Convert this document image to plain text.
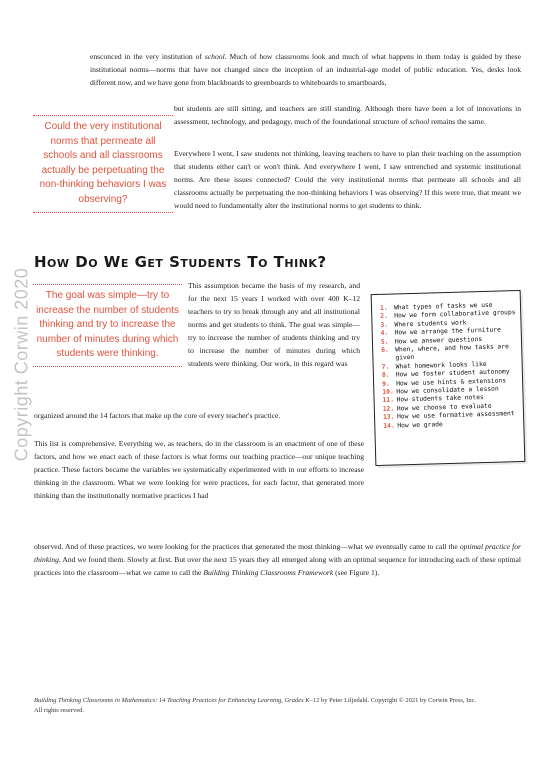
Copyright Corwin 2020
ensconced in the very institution of school. Much of how classrooms look and much of what happens in them today is guided by these institutional norms—norms that have not changed since the inception of an industrial-age model of public education. Yes, desks look different now, and we have gone from blackboards to greenboards to whiteboards to smartboards,
Could the very institutional norms that permeate all schools and all classrooms actually be perpetuating the non-thinking behaviors I was observing?
but students are still sitting, and teachers are still standing. Although there have been a lot of innovations in assessment, technology, and pedagogy, much of the foundational structure of school remains the same.
Everywhere I went, I saw students not thinking, leaving teachers to have to plan their teaching on the assumption that students either can't or won't think. And everywhere I went, I saw entrenched and systemic institutional norms. Are these issues connected? Could the very institutional norms that permeate all schools and all classrooms actually be perpetuating the non-thinking behaviors I was observing? If this were true, that meant we would need to fundamentally alter the institutional norms to get students to think.
How Do We Get Students To Think?
The goal was simple—try to increase the number of students thinking and try to increase the number of minutes during which students were thinking.
This assumption became the basis of my research, and for the next 15 years I worked with over 400 K–12 teachers to try to break through any and all institutional norms and get students to think. The goal was simple—try to increase the number of students thinking and try to increase the number of minutes during which students were thinking. Our work, in this regard was
organized around the 14 factors that make up the core of every teacher's practice.
This list is comprehensive. Everything we, as teachers, do in the classroom is an enactment of one of these factors, and how we enact each of these factors is what forms our teaching practice—our unique teaching practice. These factors became the variables we systematically experimented with in our efforts to increase thinking in the classroom. What we were looking for were practices, for each factor, that generated more thinking than the institutionally normative practices I had
observed. And of these practices, we were looking for the practices that generated the most thinking—what we eventually came to call the optimal practice for thinking. And we found them. Slowly at first. But over the next 15 years they all emerged along with an optimal sequence for introducing each of these optimal practices into the classroom—what we came to call the Building Thinking Classrooms Framework (see Figure 1).
1. What types of tasks we use
2. How we form collaborative groups
3. Where students work
4. How we arrange the furniture
5. How we answer questions
6. When, where, and how tasks are given
7. What homework looks like
8. How we foster student autonomy
9. How we use hints & extensions
10. How we consolidate a lesson
11. How students take notes
12. How we choose to evaluate
13. How we use formative assessment
14. How we grade
Building Thinking Classrooms in Mathematics: 14 Teaching Practices for Enhancing Learning, Grades K–12 by Peter Liljedahl. Copyright © 2021 by Corwin Press, Inc.
All rights reserved.
